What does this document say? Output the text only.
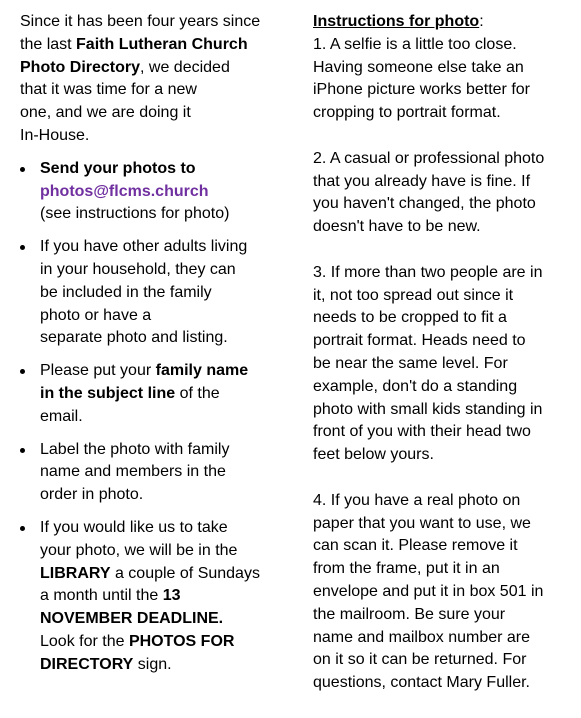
Since it has been four years since
the last Faith Lutheran Church
Photo Directory, we decided
that it was time for a new
one, and we are doing it
In-House.
Send your photos to
photos@flcms.church
(see instructions for photo)
If you have other adults living
in your household, they can
be included in the family
photo or have a
separate photo and listing.
Please put your family name
in the subject line of the
email.
Label the photo with family
name and members in the
order in photo.
If you would like us to take
your photo, we will be in the
LIBRARY a couple of Sundays
a month until the 13
NOVEMBER DEADLINE.
Look for the PHOTOS FOR
DIRECTORY sign.
Instructions for photo:
1. A selfie is a little too close.
Having someone else take an
iPhone picture works better for
cropping to portrait format.
2. A casual or professional photo
that you already have is fine. If
you haven't changed, the photo
doesn't have to be new.
3. If more than two people are in
it, not too spread out since it
needs to be cropped to fit a
portrait format. Heads need to
be near the same level. For
example, don't do a standing
photo with small kids standing in
front of you with their head two
feet below yours.
4. If you have a real photo on
paper that you want to use, we
can scan it. Please remove it
from the frame, put it in an
envelope and put it in box 501 in
the mailroom. Be sure your
name and mailbox number are
on it so it can be returned. For
questions, contact Mary Fuller.
